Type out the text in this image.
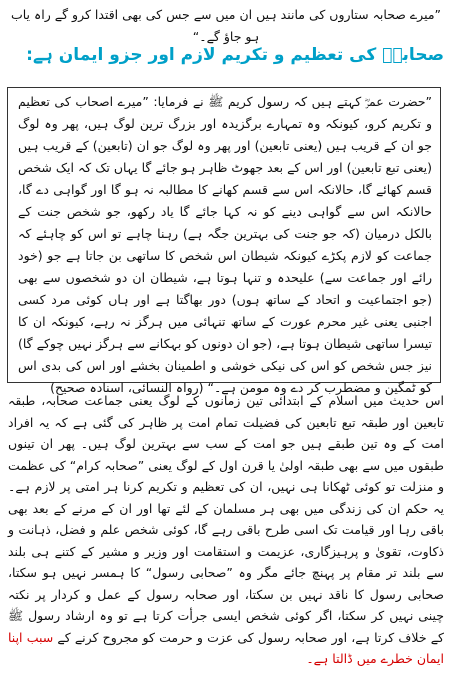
”میرے صحابہ ستاروں کی مانند ہیں ان میں سے جس کی بھی اقتدا کرو گے راہ یاب ہو جاؤ گے۔“
صحابہؓ کی تعظیم و تکریم لازم اور جزو ایمان ہے:
”حضرت عمرؓ کہتے ہیں کہ رسول کریم ﷺ نے فرمایا: ”میرے اصحاب کی تعظیم و تکریم کرو، کیونکہ وہ تمہارے برگزیدہ اور بزرگ ترین لوگ ہیں، پھر وہ لوگ جو ان کے قریب ہیں (یعنی تابعین) اور پھر وہ لوگ جو ان (تابعین) کے قریب ہیں (یعنی تبع تابعین) اور اس کے بعد جھوٹ ظاہر ہو جائے گا یہاں تک کہ ایک شخص قسم کھائے گا، حالانکہ اس سے قسم کھانے کا مطالبہ نہ ہو گا اور گواہی دے گا، حالانکہ اس سے گواہی دینے کو نہ کہا جائے گا یاد رکھو، جو شخص جنت کے بالکل درمیان (کہ جو جنت کی بہترین جگہ ہے) رہنا چاہے تو اس کو چاہئے کہ جماعت کو لازم پکڑے کیونکہ شیطان اس شخص کا ساتھی بن جاتا ہے جو (خود رائے اور جماعت سے) علیحدہ و تنہا ہوتا ہے، شیطان ان دو شخصوں سے بھی (جو اجتماعیت و اتحاد کے ساتھ ہوں) دور بھاگتا ہے اور ہاں کوئی مرد کسی اجنبی یعنی غیر محرم عورت کے ساتھ تنہائی میں ہرگز نہ رہے، کیونکہ ان کا تیسرا ساتھی شیطان ہوتا ہے، (جو ان دونوں کو بہکانے سے ہرگز نہیں چوکے گا) نیز جس شخص کو اس کی نیکی خوشی و اطمینان بخشے اور اس کی بدی اس کو ٹمگین و مضطرب کر دے وہ مومن ہے۔“ (رواہ النسائی، اسنادہ صحیح)
اس حدیث میں اسلام کے ابتدائی تین زمانوں کے لوگ یعنی جماعت صحابہ، طبقہ تابعین اور طبقہ تبع تابعین کی فضیلت تمام امت پر ظاہر کی گئی ہے کہ یہ افراد امت کے وہ تین طبقے ہیں جو امت کے سب سے بہترین لوگ ہیں۔ پھر ان تینوں طبقوں میں سے بھی طبقہ اولیٰ یا قرن اول کے لوگ یعنی ”صحابہ کرام“ کی عظمت و منزلت تو کوئی ٹھکانا ہی نہیں، ان کی تعظیم و تکریم کرنا ہر امتی پر لازم ہے۔ یہ حکم ان کی زندگی میں بھی ہر مسلمان کے لئے تھا اور ان کے مرنے کے بعد بھی باقی رہا اور قیامت تک اسی طرح باقی رہے گا، کوئی شخص علم و فضل، ذہانت و ذکاوت، تقویٰ و پرہیزگاری، عزیمت و استقامت اور وزیر و مشیر کے کتنے ہی بلند سے بلند تر مقام پر پہنچ جائے مگر وہ ”صحابی رسول“ کا ہمسر نہیں ہو سکتا، صحابی رسول کا ناقد نہیں بن سکتا، اور صحابہ رسول کے عمل و کردار پر نکتہ چینی نہیں کر سکتا، اگر کوئی شخص ایسی جرأت کرتا ہے تو وہ ارشاد رسول ﷺ کے خلاف کرتا ہے، اور صحابہ رسول کی عزت و حرمت کو مجروح کرنے کے سبب اپنا ایمان خطرے میں ڈالتا ہے۔
